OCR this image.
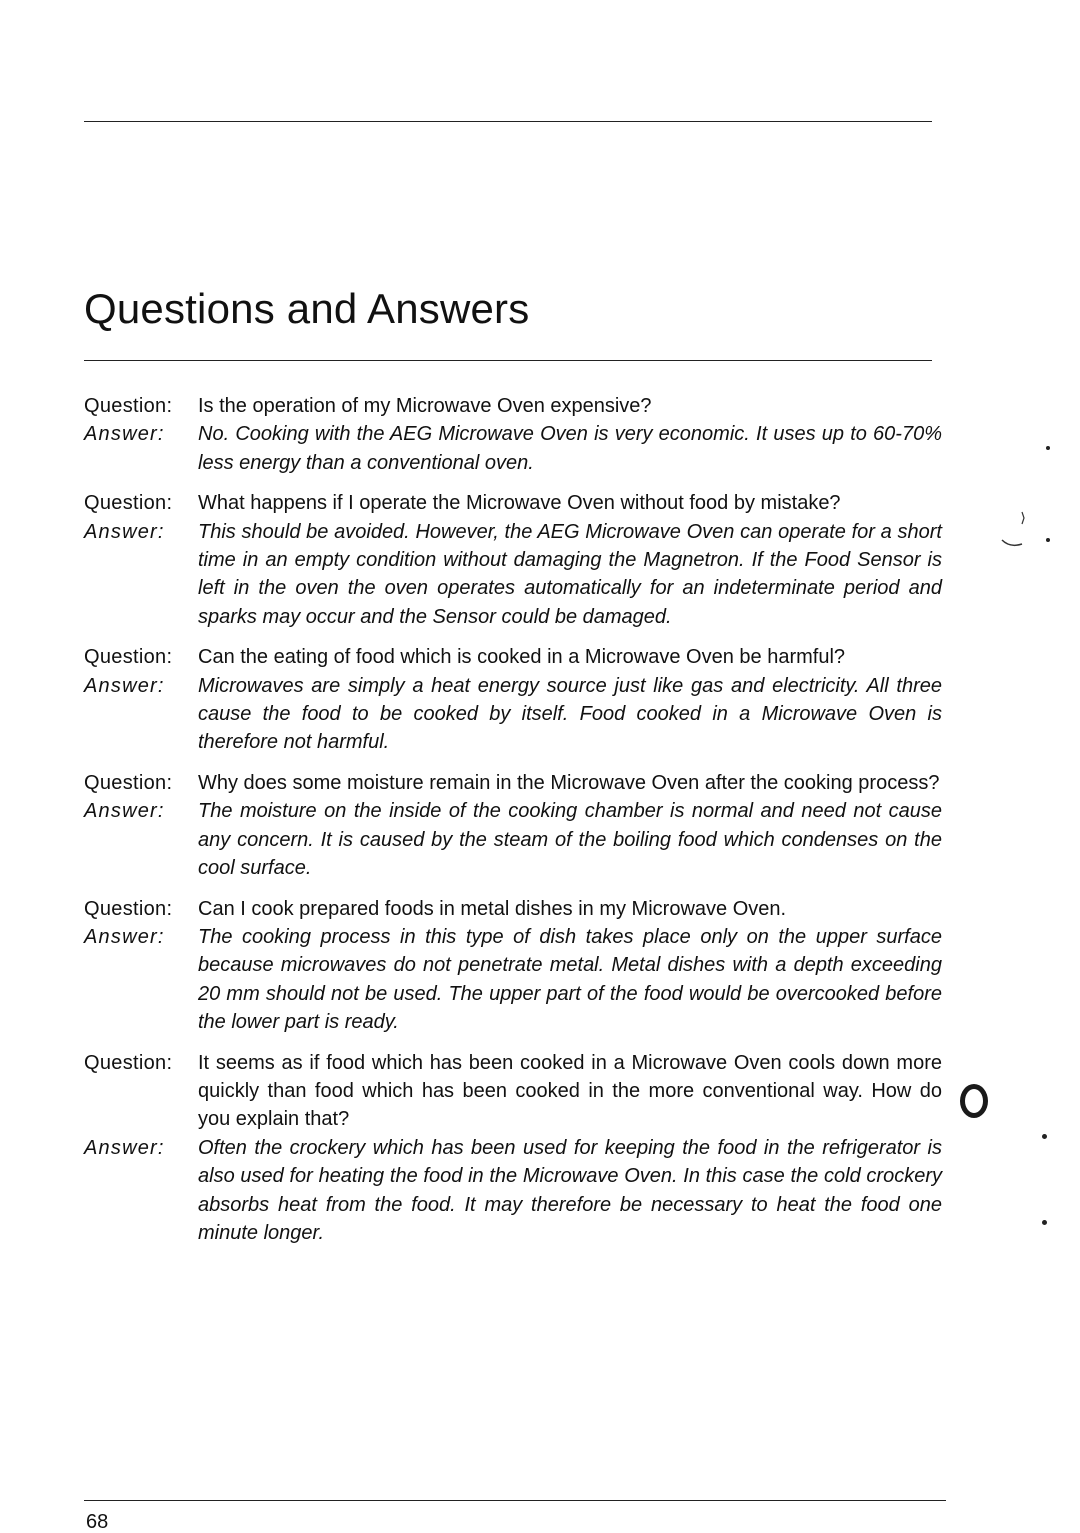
Questions and Answers
Question:	Is the operation of my Microwave Oven expensive?
Answer:	No. Cooking with the AEG Microwave Oven is very economic. It uses up to 60-70% less energy than a conventional oven.
Question:	What happens if I operate the Microwave Oven without food by mistake?
Answer:	This should be avoided. However, the AEG Microwave Oven can operate for a short time in an empty condition without damaging the Magnetron. If the Food Sensor is left in the oven the oven operates automatically for an indeterminate period and sparks may occur and the Sensor could be damaged.
Question:	Can the eating of food which is cooked in a Microwave Oven be harmful?
Answer:	Microwaves are simply a heat energy source just like gas and electricity. All three cause the food to be cooked by itself. Food cooked in a Microwave Oven is therefore not harmful.
Question:	Why does some moisture remain in the Microwave Oven after the cooking process?
Answer:	The moisture on the inside of the cooking chamber is normal and need not cause any concern. It is caused by the steam of the boiling food which condenses on the cool surface.
Question:	Can I cook prepared foods in metal dishes in my Microwave Oven.
Answer:	The cooking process in this type of dish takes place only on the upper surface because microwaves do not penetrate metal. Metal dishes with a depth exceeding 20 mm should not be used. The upper part of the food would be overcooked before the lower part is ready.
Question:	It seems as if food which has been cooked in a Microwave Oven cools down more quickly than food which has been cooked in the more conventional way. How do you explain that?
Answer:	Often the crockery which has been used for keeping the food in the refrigerator is also used for heating the food in the Microwave Oven. In this case the cold crockery absorbs heat from the food. It may therefore be necessary to heat the food one minute longer.
68
